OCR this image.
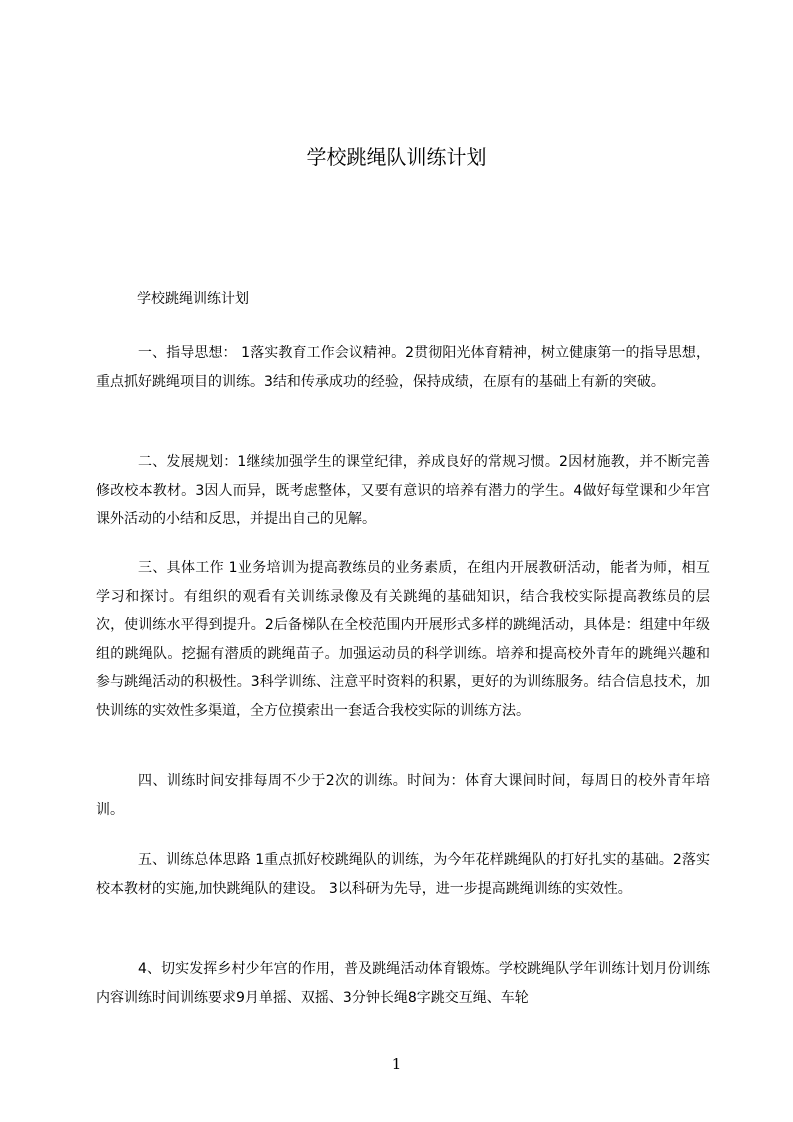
学校跳绳队训练计划

学校跳绳训练计划

一、指导思想： 1落实教育工作会议精神。2贯彻阳光体育精神，树立健康第一的指导思想，重点抓好跳绳项目的训练。3结和传承成功的经验，保持成绩，在原有的基础上有新的突破。

二、发展规划：1继续加强学生的课堂纪律，养成良好的常规习惯。2因材施教，并不断完善修改校本教材。3因人而异，既考虑整体，又要有意识的培养有潜力的学生。4做好每堂课和少年宫课外活动的小结和反思，并提出自己的见解。

三、具体工作 1业务培训为提高教练员的业务素质，在组内开展教研活动，能者为师，相互学习和探讨。有组织的观看有关训练录像及有关跳绳的基础知识，结合我校实际提高教练员的层次，使训练水平得到提升。2后备梯队在全校范围内开展形式多样的跳绳活动，具体是：组建中年级组的跳绳队。挖掘有潜质的跳绳苗子。加强运动员的科学训练。培养和提高校外青年的跳绳兴趣和参与跳绳活动的积极性。3科学训练、注意平时资料的积累，更好的为训练服务。结合信息技术，加快训练的实效性多渠道，全方位摸索出一套适合我校实际的训练方法。

四、训练时间安排每周不少于2次的训练。时间为：体育大课间时间，每周日的校外青年培训。

五、训练总体思路 1重点抓好校跳绳队的训练，为今年花样跳绳队的打好扎实的基础。2落实校本教材的实施,加快跳绳队的建设。 3以科研为先导，进一步提高跳绳训练的实效性。

4、切实发挥乡村少年宫的作用，普及跳绳活动体育锻炼。学校跳绳队学年训练计划月份训练内容训练时间训练要求9月单摇、双摇、3分钟长绳8字跳交互绳、车轮

1
